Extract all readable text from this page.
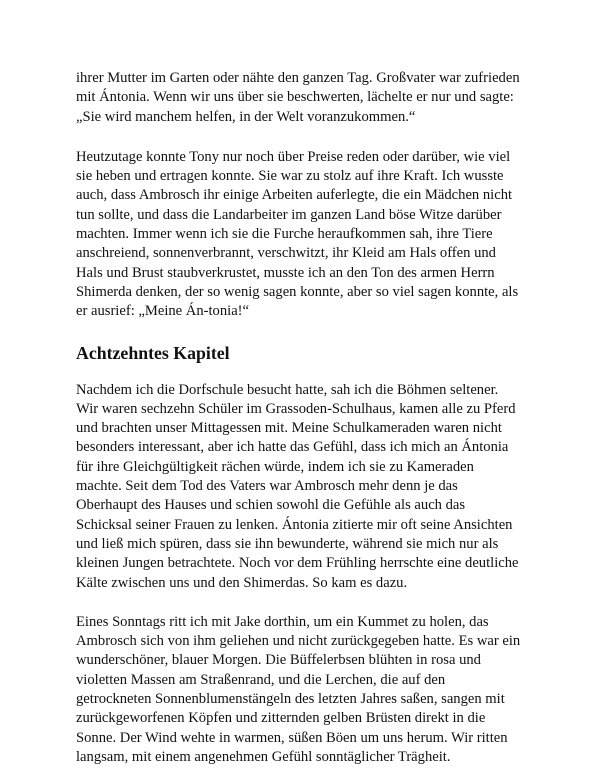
ihrer Mutter im Garten oder nähte den ganzen Tag. Großvater war zufrieden
mit Ántonia. Wenn wir uns über sie beschwerten, lächelte er nur und sagte:
„Sie wird manchem helfen, in der Welt voranzukommen.“

Heutzutage konnte Tony nur noch über Preise reden oder darüber, wie viel
sie heben und ertragen konnte. Sie war zu stolz auf ihre Kraft. Ich wusste
auch, dass Ambrosch ihr einige Arbeiten auferlegte, die ein Mädchen nicht
tun sollte, und dass die Landarbeiter im ganzen Land böse Witze darüber
machten. Immer wenn ich sie die Furche heraufkommen sah, ihre Tiere
anschreiend, sonnenverbrannt, verschwitzt, ihr Kleid am Hals offen und
Hals und Brust staubverkrustet, musste ich an den Ton des armen Herrn
Shimerda denken, der so wenig sagen konnte, aber so viel sagen konnte, als
er ausrief: „Meine Án-tonia!“

Achtzehntes Kapitel

Nachdem ich die Dorfschule besucht hatte, sah ich die Böhmen seltener.
Wir waren sechzehn Schüler im Grassoden-Schulhaus, kamen alle zu Pferd
und brachten unser Mittagessen mit. Meine Schulkameraden waren nicht
besonders interessant, aber ich hatte das Gefühl, dass ich mich an Ántonia
für ihre Gleichgültigkeit rächen würde, indem ich sie zu Kameraden
machte. Seit dem Tod des Vaters war Ambrosch mehr denn je das
Oberhaupt des Hauses und schien sowohl die Gefühle als auch das
Schicksal seiner Frauen zu lenken. Ántonia zitierte mir oft seine Ansichten
und ließ mich spüren, dass sie ihn bewunderte, während sie mich nur als
kleinen Jungen betrachtete. Noch vor dem Frühling herrschte eine deutliche
Kälte zwischen uns und den Shimerdas. So kam es dazu.

Eines Sonntags ritt ich mit Jake dorthin, um ein Kummet zu holen, das
Ambrosch sich von ihm geliehen und nicht zurückgegeben hatte. Es war ein
wunderschöner, blauer Morgen. Die Büffelerbsen blühten in rosa und
violetten Massen am Straßenrand, und die Lerchen, die auf den
getrockneten Sonnenblumenstängeln des letzten Jahres saßen, sangen mit
zurückgeworfenen Köpfen und zitternden gelben Brüsten direkt in die
Sonne. Der Wind wehte in warmen, süßen Böen um uns herum. Wir ritten
langsam, mit einem angenehmen Gefühl sonntäglicher Trägheit.
